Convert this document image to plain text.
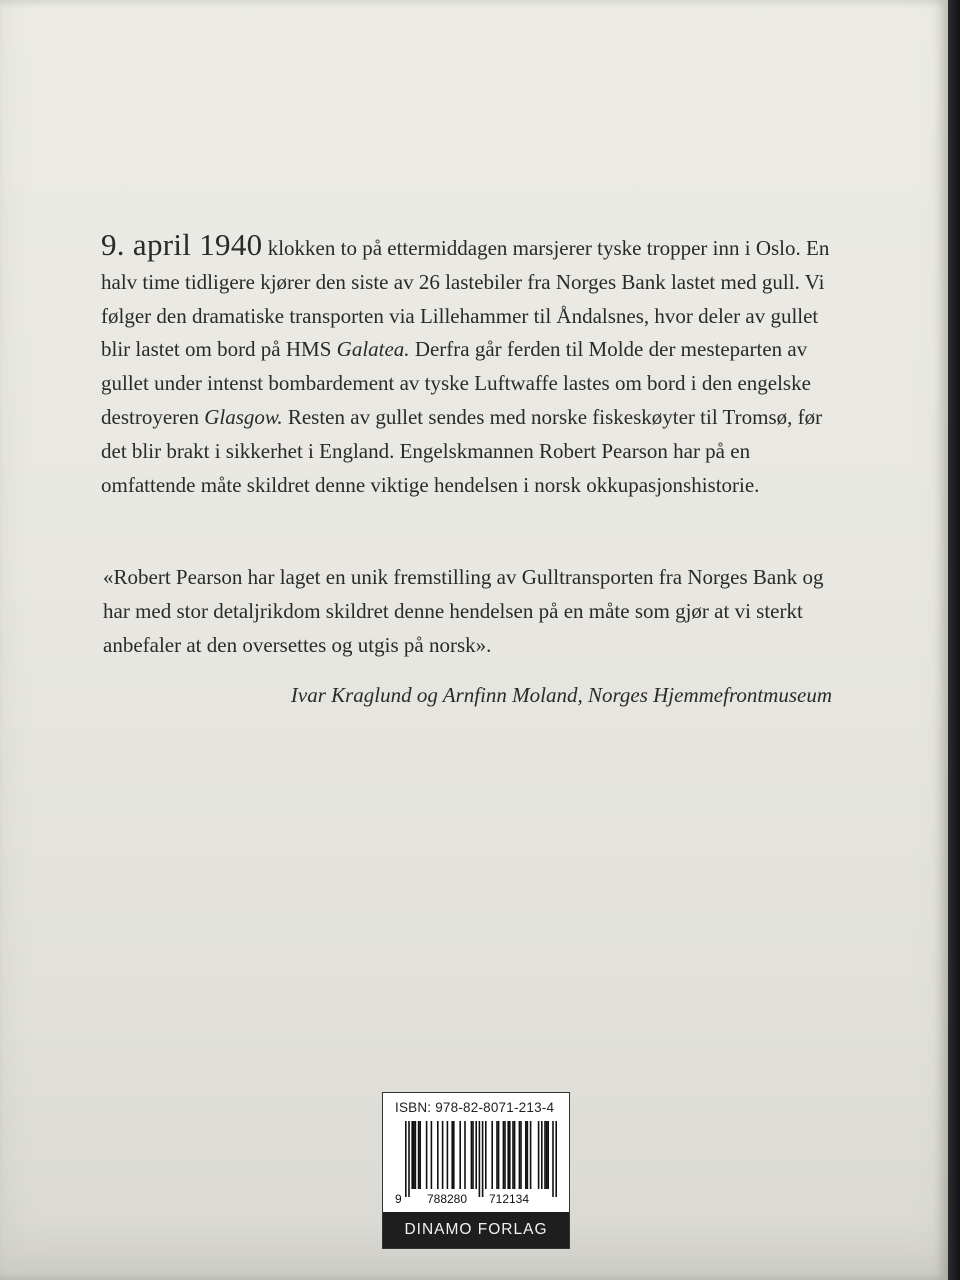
9. april 1940 klokken to på ettermiddagen marsjerer tyske tropper inn i Oslo. En halv time tidligere kjører den siste av 26 lastebiler fra Norges Bank lastet med gull. Vi følger den dramatiske transporten via Lillehammer til Åndalsnes, hvor deler av gullet blir lastet om bord på HMS Galatea. Derfra går ferden til Molde der mesteparten av gullet under intenst bombardement av tyske Luftwaffe lastes om bord i den engelske destroyeren Glasgow. Resten av gullet sendes med norske fiskeskøyter til Tromsø, før det blir brakt i sikkerhet i England. Engelskmannen Robert Pearson har på en omfattende måte skildret denne viktige hendelsen i norsk okkupasjonshistorie.

«Robert Pearson har laget en unik fremstilling av Gulltransporten fra Norges Bank og har med stor detaljrikdom skildret denne hendelsen på en måte som gjør at vi sterkt anbefaler at den oversettes og utgis på norsk».
Ivar Kraglund og Arnfinn Moland, Norges Hjemmefrontmuseum
ISBN: 978-82-8071-213-4
9 788280 712134
DINAMO FORLAG
